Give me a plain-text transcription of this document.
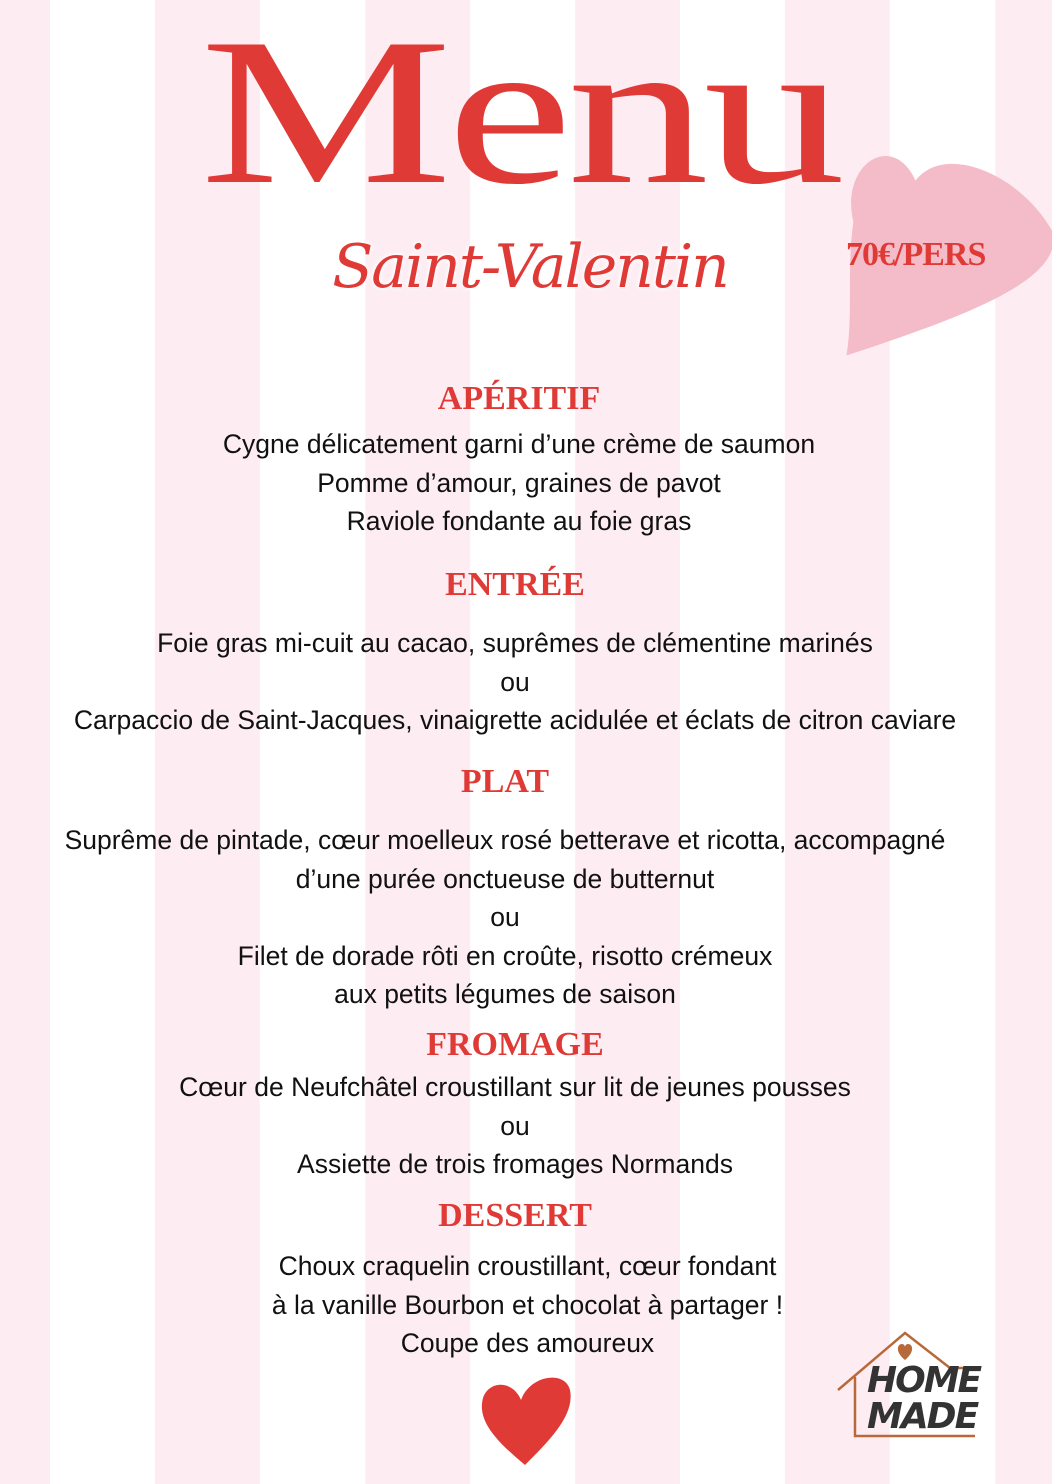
Menu
Saint-Valentin	70€/PERS
APÉRITIF

Cygne délicatement garni d’une crème de saumon

Pomme d’amour, graines de pavot

Raviole fondante au foie gras

ENTRÉE

Foie gras mi-cuit au cacao, suprêmes de clémentine marinés

ou

Carpaccio de Saint-Jacques, vinaigrette acidulée et éclats de citron caviare

PLAT

Suprême de pintade, cœur moelleux rosé betterave et ricotta, accompagné

d’une purée onctueuse de butternut

ou

Filet de dorade rôti en croûte, risotto crémeux

aux petits légumes de saison

FROMAGE

Cœur de Neufchâtel croustillant sur lit de jeunes pousses

ou

Assiette de trois fromages Normands

DESSERT

Choux craquelin croustillant, cœur fondant

à la vanille Bourbon et chocolat à partager !

Coupe des amoureux

HOME
MADE
